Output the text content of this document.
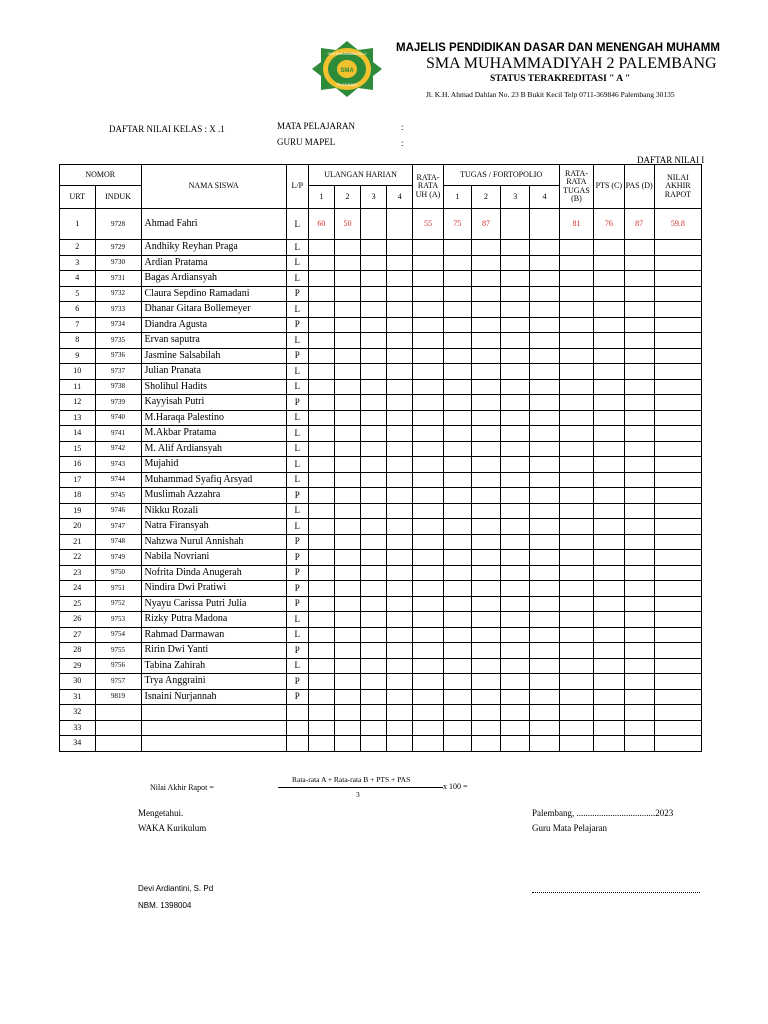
SMA
SMA MUHAMMADIYAH 2
PALEMBANG
MAJELIS PENDIDIKAN DASAR DAN MENENGAH MUHAMM
SMA MUHAMMADIYAH 2 PALEMBANG
STATUS TERAKREDITASI " A "
Jl. K.H. Ahmad Dahlan No. 23 B Bukit Kecil Telp 0711-369846 Palembang 30135
DAFTAR NILAI KELAS : X .1	MATA PELAJARAN	:
GURU MAPEL	:
DAFTAR NILAI I
NOMOR		NAMA SISWA	L/P	ULANGAN HARIAN				RATA- RATA UH (A)	TUGAS / FORTOPOLIO				RATA- RATA TUGAS (B)	PTS (C)	PAS (D)	NILAI AKHIR RAPOT
URT	INDUK			1	2	3	4		1	2	3	4				
1	9728	Ahmad Fahri	L	60	50			55	75	87			81	76	87	59.8
2	9729	Andhiky Reyhan Praga	L													
3	9730	Ardian Pratama	L													
4	9731	Bagas Ardiansyah	L													
5	9732	Claura Sepdino Ramadani	P													
6	9733	Dhanar Gitara Bollemeyer	L													
7	9734	Diandra Agusta	P													
8	9735	Ervan saputra	L													
9	9736	Jasmine Salsabilah	P													
10	9737	Julian Pranata	L													
11	9738	Sholihul Hadits	L													
12	9739	Kayyisah Putri	P													
13	9740	M.Haraqa Palestino	L													
14	9741	M.Akbar Pratama	L													
15	9742	M. Alif Ardiansyah	L													
16	9743	Mujahid	L													
17	9744	Muhammad Syafiq Arsyad	L													
18	9745	Muslimah Azzahra	P													
19	9746	Nikku Rozali	L													
20	9747	Natra Firansyah	L													
21	9748	Nahzwa Nurul Annishah	P													
22	9749	Nabila Novriani	P													
23	9750	Nofrita Dinda Anugerah	P													
24	9751	Nindira Dwi Pratiwi	P													
25	9752	Nyayu Carissa Putri Julia	P													
26	9753	Rizky Putra Madona	L													
27	9754	Rahmad Darmawan	L													
28	9755	Ririn Dwi Yanti	P													
29	9756	Tabina Zahirah	L													
30	9757	Trya Anggraini	P													
31	9819	Isnaini Nurjannah	P													
32																
33																
34																
Nilai Akhir Rapot =
Rata-rata A + Rata-rata B + PTS + PAS
3
x 100 =
Mengetahui.
WAKA Kurikulum
Palembang, ...................................2023
Guru Mata Pelajaran
Devi Ardiantini, S. Pd
NBM. 1398004
